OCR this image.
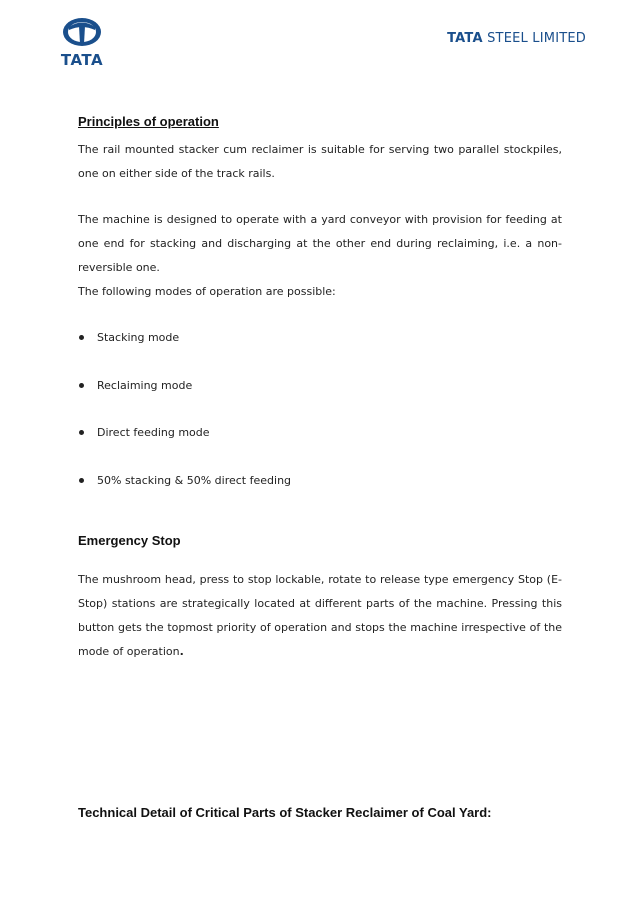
TATA
TATA STEEL LIMITED
Principles of operation
The rail mounted stacker cum reclaimer is suitable for serving two parallel stockpiles, one on either side of the track rails.
The machine is designed to operate with a yard conveyor with provision for feeding at one end for stacking and discharging at the other end during reclaiming, i.e. a non-reversible one.
The following modes of operation are possible:
Stacking mode
Reclaiming mode
Direct feeding mode
50% stacking & 50% direct feeding
Emergency Stop
The mushroom head, press to stop lockable, rotate to release type emergency Stop (E-Stop) stations are strategically located at different parts of the machine. Pressing this button gets the topmost priority of operation and stops the machine irrespective of the mode of operation.
Technical Detail of Critical Parts of Stacker Reclaimer of Coal Yard:
